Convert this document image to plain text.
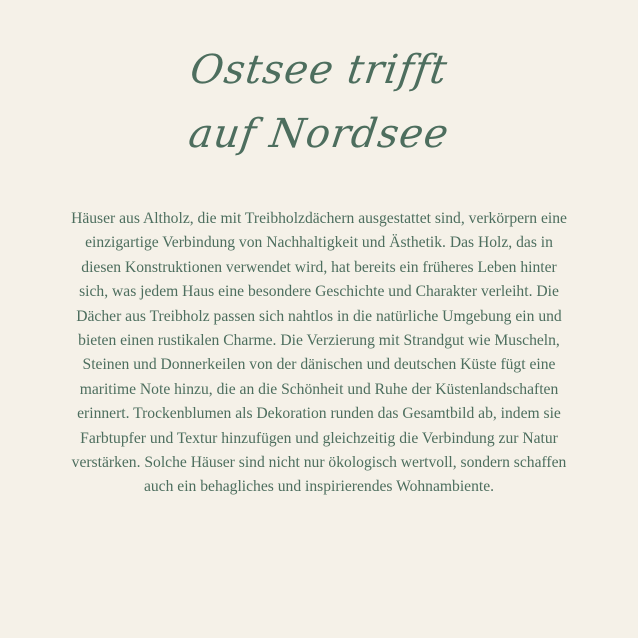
Ostsee trifft
auf Nordsee

Häuser aus Altholz, die mit Treibholzdächern ausgestattet sind, verkörpern eine einzigartige Verbindung von Nachhaltigkeit und Ästhetik. Das Holz, das in diesen Konstruktionen verwendet wird, hat bereits ein früheres Leben hinter sich, was jedem Haus eine besondere Geschichte und Charakter verleiht. Die Dächer aus Treibholz passen sich nahtlos in die natürliche Umgebung ein und bieten einen rustikalen Charme. Die Verzierung mit Strandgut wie Muscheln, Steinen und Donnerkeilen von der dänischen und deutschen Küste fügt eine maritime Note hinzu, die an die Schönheit und Ruhe der Küstenlandschaften erinnert. Trockenblumen als Dekoration runden das Gesamtbild ab, indem sie Farbtupfer und Textur hinzufügen und gleichzeitig die Verbindung zur Natur verstärken. Solche Häuser sind nicht nur ökologisch wertvoll, sondern schaffen auch ein behagliches und inspirierendes Wohnambiente.
